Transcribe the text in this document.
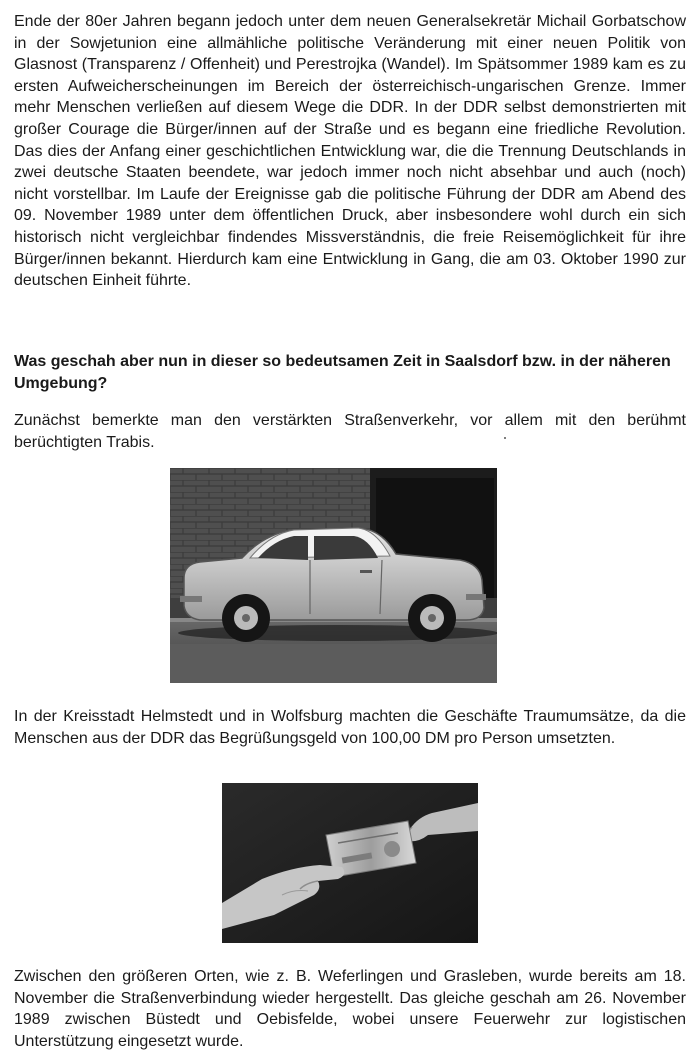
Ende der 80er Jahren begann jedoch unter dem neuen Generalsekretär Michail Gorbatschow in der Sowjetunion eine allmähliche politische Veränderung mit einer neuen Politik von Glasnost (Transparenz / Offenheit) und Perestrojka (Wandel). Im Spätsommer 1989 kam es zu ersten Aufweicherscheinungen im Bereich der österreichisch-ungarischen Grenze. Immer mehr Menschen verließen auf diesem Wege die DDR. In der DDR selbst demonstrierten mit großer Courage die Bürger/innen auf der Straße und es begann eine friedliche Revolution. Das dies der Anfang einer geschichtlichen Entwicklung war, die die Trennung Deutschlands in zwei deutsche Staaten beendete, war jedoch immer noch nicht absehbar und auch (noch) nicht vorstellbar. Im Laufe der Ereignisse gab die politische Führung der DDR am Abend des 09. November 1989 unter dem öffentlichen Druck, aber insbesondere wohl durch ein sich historisch nicht vergleichbar findendes Missverständnis, die freie Reisemöglichkeit für ihre Bürger/innen bekannt. Hierdurch kam eine Entwicklung in Gang, die am 03. Oktober 1990 zur deutschen Einheit führte.

Was geschah aber nun in dieser so bedeutsamen Zeit in Saalsdorf bzw. in der näheren Umgebung?

Zunächst bemerkte man den verstärkten Straßenverkehr, vor allem mit den berühmt berüchtigten Trabis.

In der Kreisstadt Helmstedt und in Wolfsburg machten die Geschäfte Traumumsätze, da die Menschen aus der DDR das Begrüßungsgeld von 100,00 DM pro Person umsetzten.

Zwischen den größeren Orten, wie z. B. Weferlingen und Grasleben, wurde bereits am 18. November die Straßenverbindung wieder hergestellt. Das gleiche geschah am 26. November 1989 zwischen Büstedt und Oebisfelde, wobei unsere Feuerwehr zur logistischen Unterstützung eingesetzt wurde.
